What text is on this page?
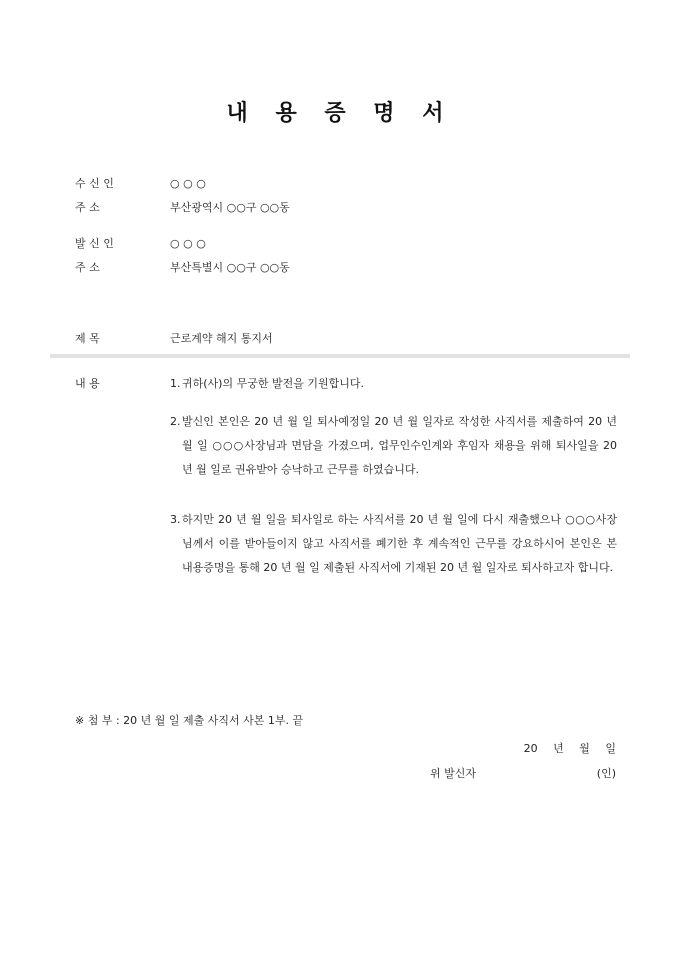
내 용 증 명 서
수 신 인	○ ○ ○
주 소	부산광역시 ○○구 ○○동
발 신 인	○ ○ ○
주 소	부산특별시 ○○구 ○○동
제 목	근로계약 해지 통지서
내 용	1. 귀하(사)의 무궁한 발전을 기원합니다.
2. 발신인 본인은 20 년 월 일 퇴사예정일 20 년 월 일자로 작성한 사직서를 제출하여 20 년 월 일 ○○○사장님과 면담을 가졌으며, 업무인수인계와 후임자 채용을 위해 퇴사일을 20 년 월 일로 권유받아 승낙하고 근무를 하였습니다.
3. 하지만 20 년 월 일을 퇴사일로 하는 사직서를 20 년 월 일에 다시 재출했으나 ○○○사장님께서 이를 받아들이지 않고 사직서를 폐기한 후 계속적인 근무를 강요하시어 본인은 본 내용증명을 통해 20 년 월 일 제출된 사직서에 기재된 20 년 월 일자로 퇴사하고자 합니다.
※ 첨 부 : 20 년 월 일 제출 사직서 사본 1부. 끝
20 년 월 일
위 발신자	(인)
